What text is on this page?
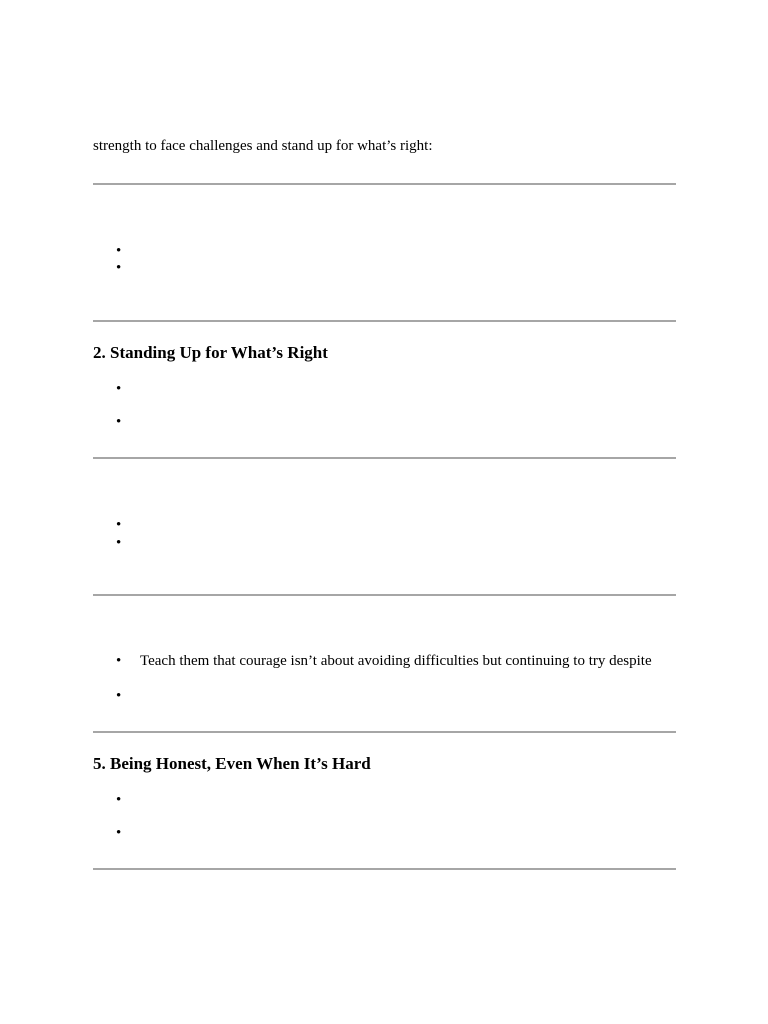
strength to face challenges and stand up for what’s right:
•
•
2. Standing Up for What’s Right
•
•
•
•
• Teach them that courage isn’t about avoiding difficulties but continuing to try despite
•
5. Being Honest, Even When It’s Hard
•
•
